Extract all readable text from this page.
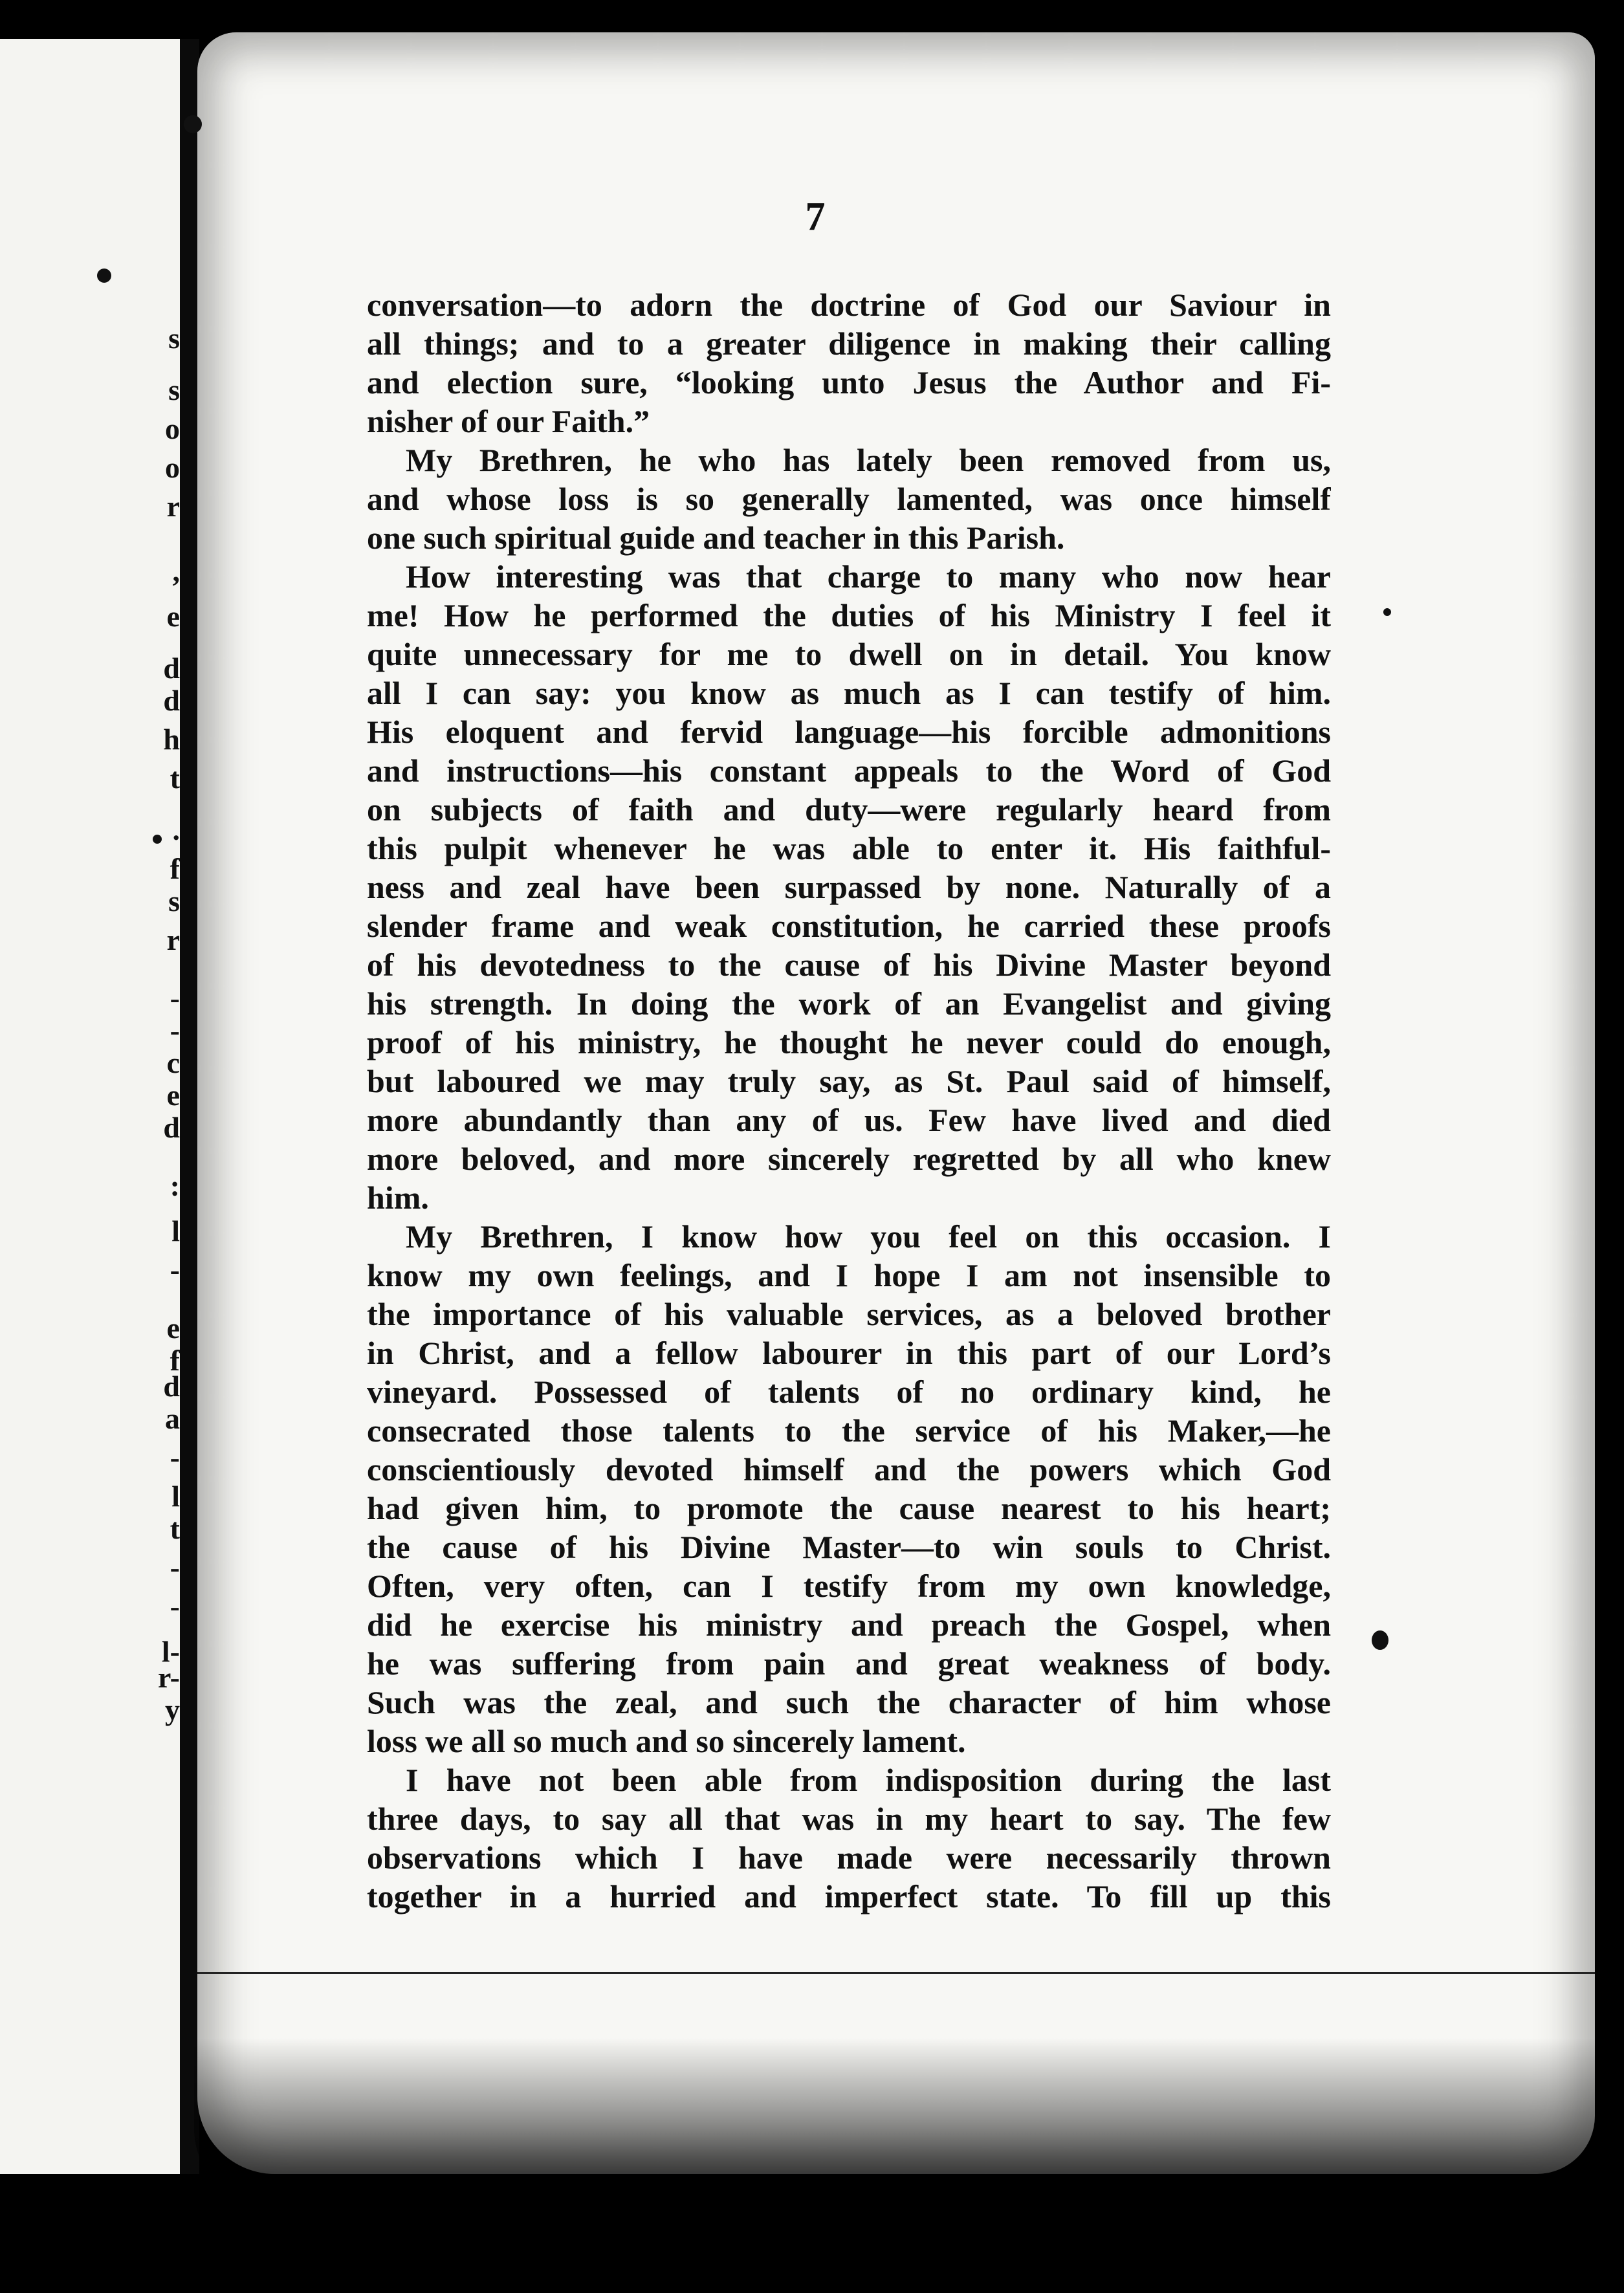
s
s
o
o
r
,
e
d
d
h
t
.
f
s
r
-
-
c
e
d
:
l
-
e
f
d
a
-
l
t
-
-
l-
r-
y
7
conversation—to adorn the doctrine of God our Saviour in
all things; and to a greater diligence in making their calling
and election sure, “looking unto Jesus the Author and Fi-
nisher of our Faith.”
My Brethren, he who has lately been removed from us,
and whose loss is so generally lamented, was once himself
one such spiritual guide and teacher in this Parish.
How interesting was that charge to many who now hear
me! How he performed the duties of his Ministry I feel it
quite unnecessary for me to dwell on in detail. You know
all I can say: you know as much as I can testify of him.
His eloquent and fervid language—his forcible admonitions
and instructions—his constant appeals to the Word of God
on subjects of faith and duty—were regularly heard from
this pulpit whenever he was able to enter it. His faithful-
ness and zeal have been surpassed by none. Naturally of a
slender frame and weak constitution, he carried these proofs
of his devotedness to the cause of his Divine Master beyond
his strength. In doing the work of an Evangelist and giving
proof of his ministry, he thought he never could do enough,
but laboured we may truly say, as St. Paul said of himself,
more abundantly than any of us. Few have lived and died
more beloved, and more sincerely regretted by all who knew
him.
My Brethren, I know how you feel on this occasion. I
know my own feelings, and I hope I am not insensible to
the importance of his valuable services, as a beloved brother
in Christ, and a fellow labourer in this part of our Lord’s
vineyard. Possessed of talents of no ordinary kind, he
consecrated those talents to the service of his Maker,—he
conscientiously devoted himself and the powers which God
had given him, to promote the cause nearest to his heart;
the cause of his Divine Master—to win souls to Christ.
Often, very often, can I testify from my own knowledge,
did he exercise his ministry and preach the Gospel, when
he was suffering from pain and great weakness of body.
Such was the zeal, and such the character of him whose
loss we all so much and so sincerely lament.
I have not been able from indisposition during the last
three days, to say all that was in my heart to say. The few
observations which I have made were necessarily thrown
together in a hurried and imperfect state. To fill up this
